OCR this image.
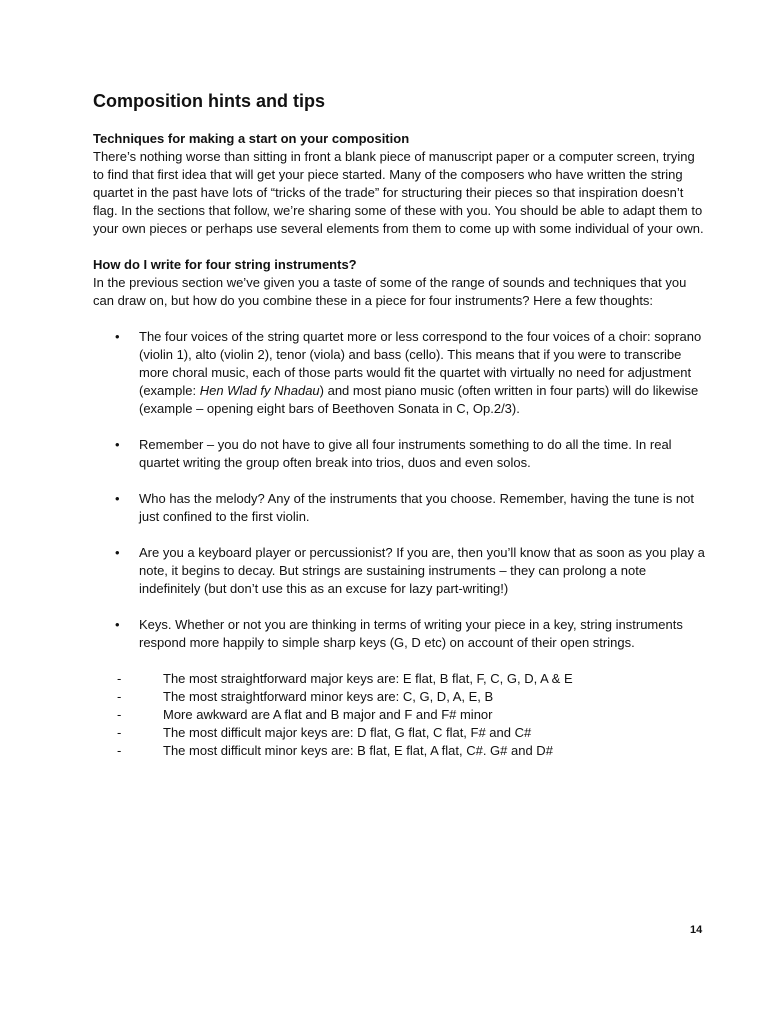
Composition hints and tips

Techniques for making a start on your composition

There’s nothing worse than sitting in front a blank piece of manuscript paper or a computer screen, trying to find that first idea that will get your piece started. Many of the composers who have written the string quartet in the past have lots of “tricks of the trade” for structuring their pieces so that inspiration doesn’t flag. In the sections that follow, we’re sharing some of these with you. You should be able to adapt them to your own pieces or perhaps use several elements from them to come up with some individual of your own.

How do I write for four string instruments?

In the previous section we’ve given you a taste of some of the range of sounds and techniques that you can draw on, but how do you combine these in a piece for four instruments? Here a few thoughts:

• The four voices of the string quartet more or less correspond to the four voices of a choir: soprano (violin 1), alto (violin 2), tenor (viola) and bass (cello). This means that if you were to transcribe more choral music, each of those parts would fit the quartet with virtually no need for adjustment (example: Hen Wlad fy Nhadau) and most piano music (often written in four parts) will do likewise (example – opening eight bars of Beethoven Sonata in C, Op.2/3).
• Remember – you do not have to give all four instruments something to do all the time. In real quartet writing the group often break into trios, duos and even solos.
• Who has the melody? Any of the instruments that you choose. Remember, having the tune is not just confined to the first violin.
• Are you a keyboard player or percussionist? If you are, then you’ll know that as soon as you play a note, it begins to decay. But strings are sustaining instruments – they can prolong a note indefinitely (but don’t use this as an excuse for lazy part-writing!)
• Keys. Whether or not you are thinking in terms of writing your piece in a key, string instruments respond more happily to simple sharp keys (G, D etc) on account of their open strings.
-	The most straightforward major keys are: E flat, B flat, F, C, G, D, A & E
-	The most straightforward minor keys are: C, G, D, A, E, B
-	More awkward are A flat and B major and F and F# minor
-	The most difficult major keys are: D flat, G flat, C flat, F# and C#
-	The most difficult minor keys are: B flat, E flat, A flat, C#. G# and D#
14
